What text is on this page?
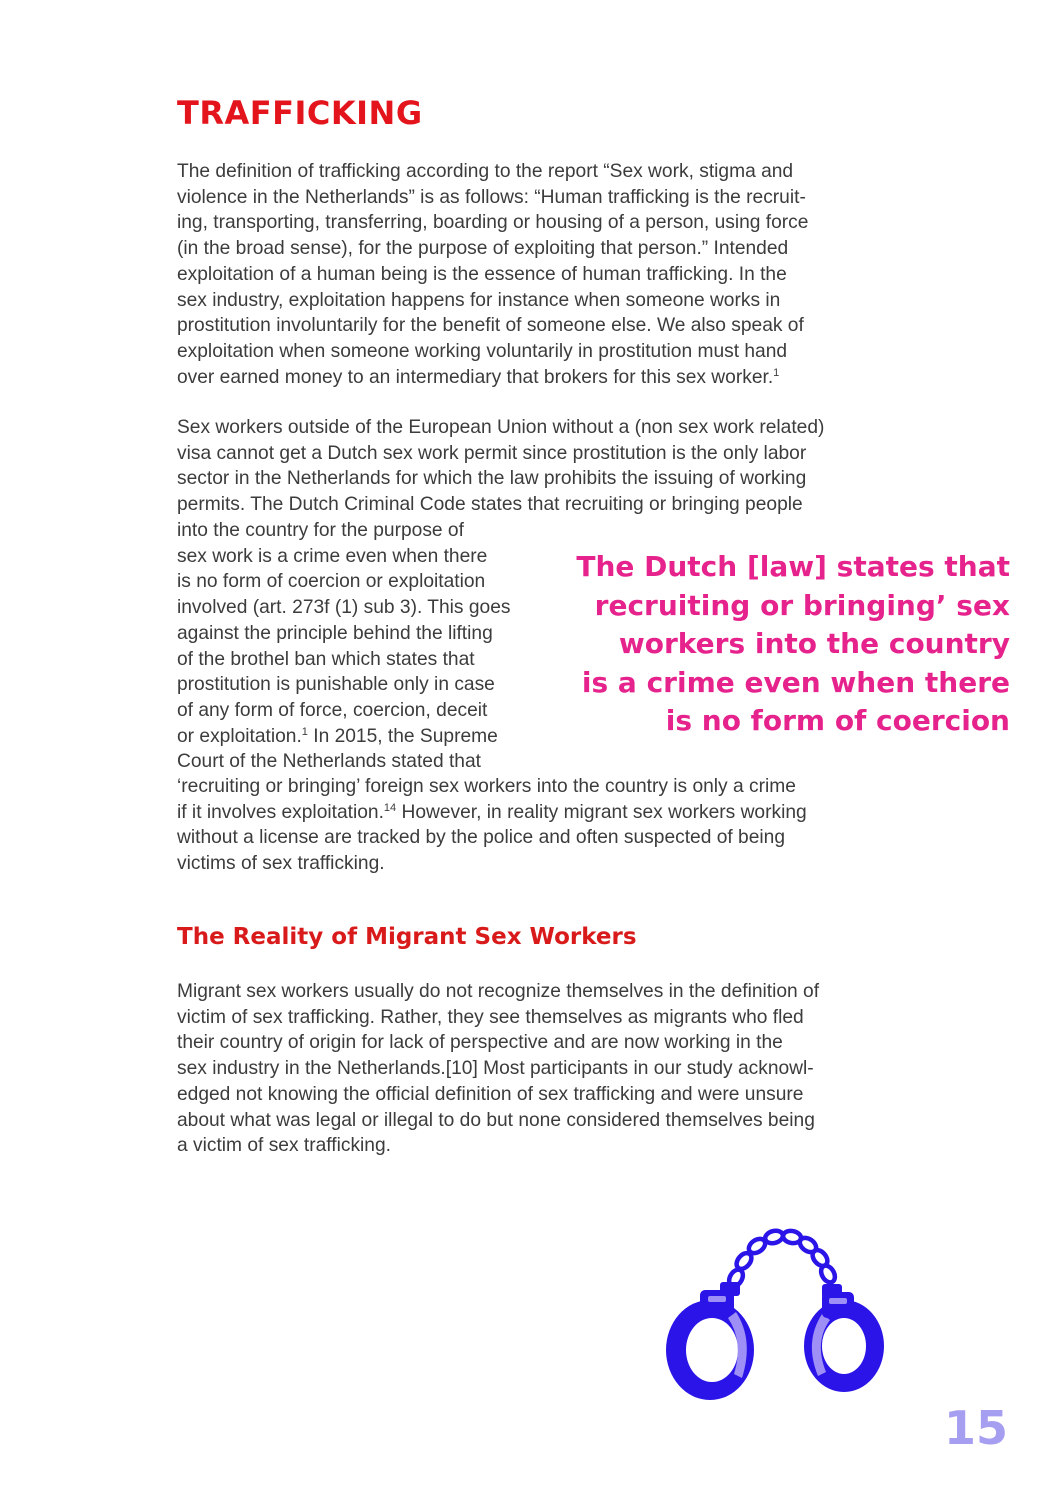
TRAFFICKING

The definition of trafficking according to the report “Sex work, stigma and
violence in the Netherlands” is as follows: “Human trafficking is the recruit-
ing, transporting, transferring, boarding or housing of a person, using force
(in the broad sense), for the purpose of exploiting that person.” Intended
exploitation of a human being is the essence of human trafficking. In the
sex industry, exploitation happens for instance when someone works in
prostitution involuntarily for the benefit of someone else. We also speak of
exploitation when someone working voluntarily in prostitution must hand
over earned money to an intermediary that brokers for this sex worker.$^1$

Sex workers outside of the European Union without a (non sex work related)
visa cannot get a Dutch sex work permit since prostitution is the only labor
sector in the Netherlands for which the law prohibits the issuing of working
permits. The Dutch Criminal Code states that recruiting or bringing people

into the country for the purpose of
sex work is a crime even when there
is no form of coercion or exploitation
involved (art. 273f (1) sub 3). This goes
against the principle behind the lifting
of the brothel ban which states that
prostitution is punishable only in case
of any form of force, coercion, deceit
or exploitation.$^1$ In 2015, the Supreme
Court of the Netherlands stated that

‘recruiting or bringing’ foreign sex workers into the country is only a crime
if it involves exploitation.$^{14}$ However, in reality migrant sex workers working
without a license are tracked by the police and often suspected of being
victims of sex trafficking.

The Dutch [law] states that
recruiting or bringing’ sex
workers into the country
is a crime even when there
is no form of coercion

The Reality of Migrant Sex Workers

Migrant sex workers usually do not recognize themselves in the definition of
victim of sex trafficking. Rather, they see themselves as migrants who fled
their country of origin for lack of perspective and are now working in the
sex industry in the Netherlands.[10] Most participants in our study acknowl-
edged not knowing the official definition of sex trafficking and were unsure
about what was legal or illegal to do but none considered themselves being
a victim of sex trafficking.

15
